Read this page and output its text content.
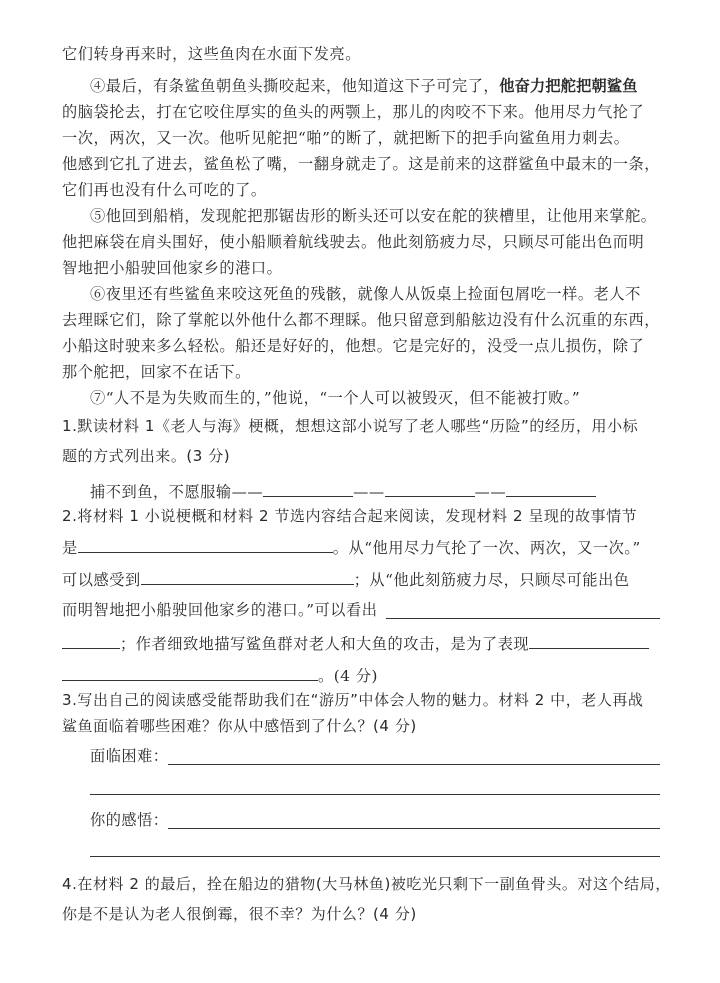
它们转身再来时，这些鱼肉在水面下发亮。
④最后，有条鲨鱼朝鱼头撕咬起来，他知道这下子可完了，他奋力把舵把朝鲨鱼
的脑袋抡去，打在它咬住厚实的鱼头的两颚上，那儿的肉咬不下来。他用尽力气抡了
一次，两次，又一次。他听见舵把“啪”的断了，就把断下的把手向鲨鱼用力刺去。
他感到它扎了进去，鲨鱼松了嘴，一翻身就走了。这是前来的这群鲨鱼中最末的一条，
它们再也没有什么可吃的了。
⑤他回到船梢，发现舵把那锯齿形的断头还可以安在舵的狭槽里，让他用来掌舵。
他把麻袋在肩头围好，使小船顺着航线驶去。他此刻筋疲力尽，只顾尽可能出色而明
智地把小船驶回他家乡的港口。
⑥夜里还有些鲨鱼来咬这死鱼的残骸，就像人从饭桌上捡面包屑吃一样。老人不
去理睬它们，除了掌舵以外他什么都不理睬。他只留意到船舷边没有什么沉重的东西，
小船这时驶来多么轻松。船还是好好的，他想。它是完好的，没受一点儿损伤，除了
那个舵把，回家不在话下。
⑦“人不是为失败而生的，”他说，“一个人可以被毁灭，但不能被打败。”
1.默读材料 1《老人与海》梗概，想想这部小说写了老人哪些“历险”的经历，用小标
题的方式列出来。(3 分)
捕不到鱼，不愿服输——	——	——
2.将材料 1 小说梗概和材料 2 节选内容结合起来阅读，发现材料 2 呈现的故事情节
是	。从“他用尽力气抡了一次、两次，又一次。”
可以感受到	；从“他此刻筋疲力尽，只顾尽可能出色
而明智地把小船驶回他家乡的港口。”可以看出
；作者细致地描写鲨鱼群对老人和大鱼的攻击，是为了表现
。(4 分)
3.写出自己的阅读感受能帮助我们在“游历”中体会人物的魅力。材料 2 中，老人再战
鲨鱼面临着哪些困难？你从中感悟到了什么？(4 分)
面临困难：
你的感悟：
4.在材料 2 的最后，拴在船边的猎物(大马林鱼)被吃光只剩下一副鱼骨头。对这个结局，
你是不是认为老人很倒霉，很不幸？为什么？(4 分)
